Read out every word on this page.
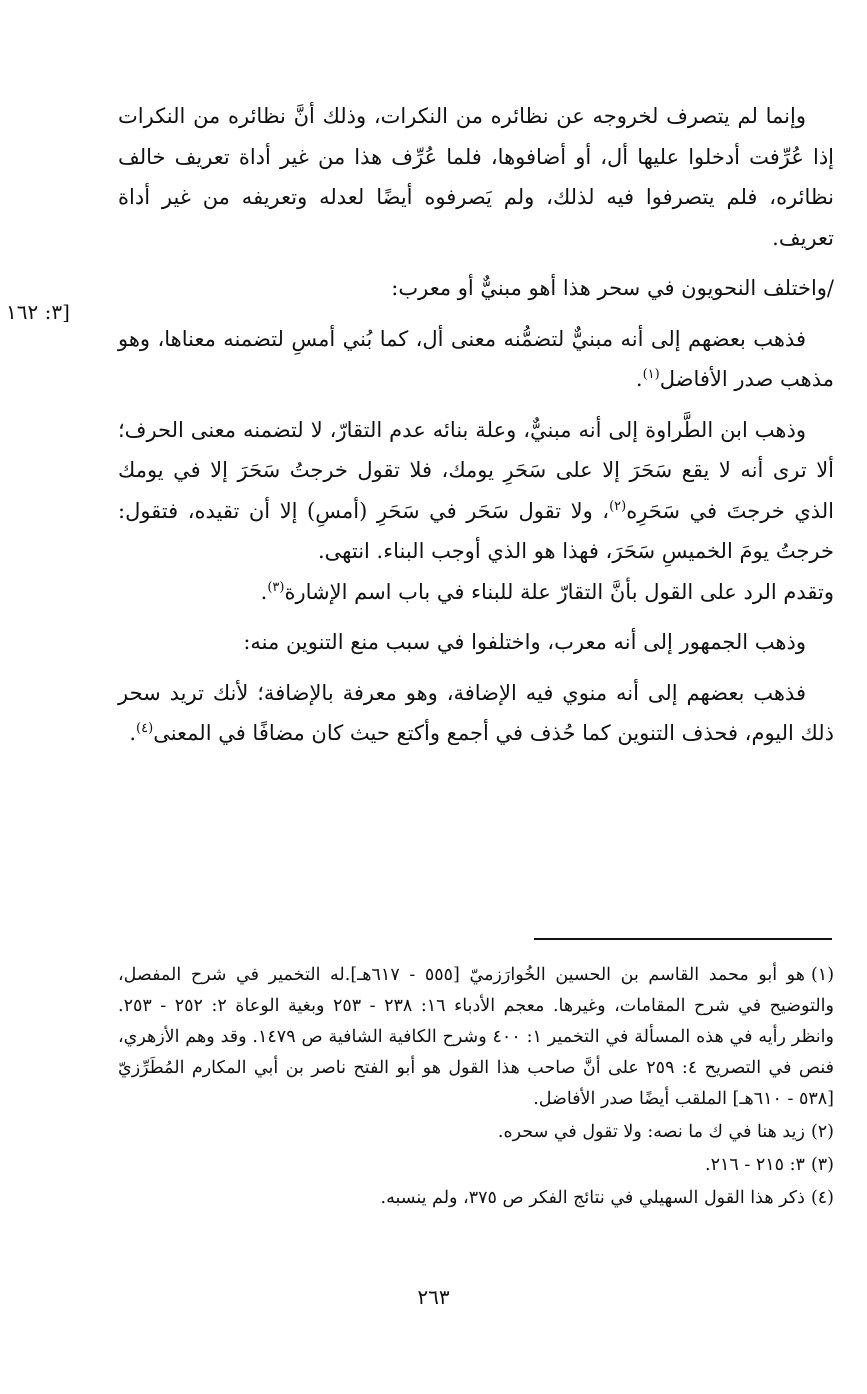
[٣: ١٦٢

وإنما لم يتصرف لخروجه عن نظائره من النكرات، وذلك أنَّ نظائره من النكرات إذا عُرِّفت أدخلوا عليها أل، أو أضافوها، فلما عُرِّف هذا من غير أداة تعريف خالف نظائره، فلم يتصرفوا فيه لذلك، ولم يَصرفوه أيضًا لعدله وتعريفه من غير أداة تعريف.

/واختلف النحويون في سحر هذا أهو مبنيٌّ أو معرب:

فذهب بعضهم إلى أنه مبنيٌّ لتضمُّنه معنى أل، كما بُني أمسِ لتضمنه معناها، وهو مذهب صدر الأفاضل$^{(١)}$.

وذهب ابن الطَّراوة إلى أنه مبنيٌّ، وعلة بنائه عدم التقارّ، لا لتضمنه معنى الحرف؛ ألا ترى أنه لا يقع سَحَرَ إلا على سَحَرِ يومك، فلا تقول خرجتُ سَحَرَ إلا في يومك الذي خرجتَ في سَحَرِه$^{(٢)}$، ولا تقول سَحَر في سَحَرِ (أمسِ) إلا أن تقيده، فتقول: خرجتُ يومَ الخميسِ سَحَرَ، فهذا هو الذي أوجب البناء. انتهى.
وتقدم الرد على القول بأنَّ التقارّ علة للبناء في باب اسم الإشارة$^{(٣)}$.

وذهب الجمهور إلى أنه معرب، واختلفوا في سبب منع التنوين منه:

فذهب بعضهم إلى أنه منوي فيه الإضافة، وهو معرفة بالإضافة؛ لأنك تريد سحر ذلك اليوم، فحذف التنوين كما حُذف في أجمع وأكتع حيث كان مضافًا في المعنى$^{(٤)}$.

(١)هو أبو محمد القاسم بن الحسين الخُوارَزميّ [٥٥٥ - ٦١٧هـ].له التخمير في شرح المفصل، والتوضيح في شرح المقامات، وغيرها. معجم الأدباء ١٦: ٢٣٨ - ٢٥٣ وبغية الوعاة ٢: ٢٥٢ - ٢٥٣. وانظر رأيه في هذه المسألة في التخمير ١: ٤٠٠ وشرح الكافية الشافية ص ١٤٧٩. وقد وهم الأزهري، فنص في التصريح ٤: ٢٥٩ على أنَّ صاحب هذا القول هو أبو الفتح ناصر بن أبي المكارم المُطَرِّزيّ [٥٣٨ - ٦١٠هـ] الملقب أيضًا صدر الأفاضل.
(٢)زيد هنا في ك ما نصه: ولا تقول في سحره.
(٣)٣: ٢١٥ - ٢١٦.
(٤)ذكر هذا القول السهيلي في نتائج الفكر ص ٣٧٥، ولم ينسبه.
٢٦٣
